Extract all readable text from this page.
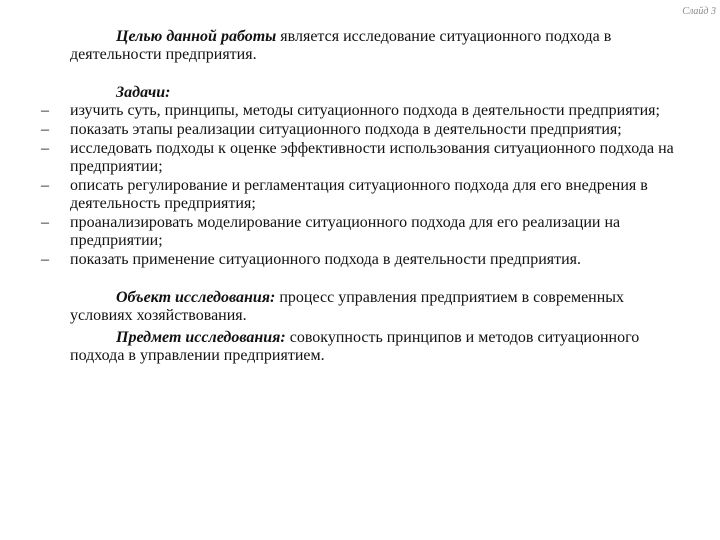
Слайд 3

Целью данной работы является исследование ситуационного подхода в деятельности предприятия.

Задачи:
– изучить суть, принципы, методы ситуационного подхода в деятельности предприятия;
– показать этапы реализации ситуационного подхода в деятельности предприятия;
– исследовать подходы к оценке эффективности использования ситуационного подхода на предприятии;
– описать регулирование и регламентация ситуационного подхода для его внедрения в деятельность предприятия;
– проанализировать моделирование ситуационного подхода для его реализации на предприятии;
– показать применение ситуационного подхода в деятельности предприятия.

Объект исследования: процесс управления предприятием в современных условиях хозяйствования.

Предмет исследования: совокупность принципов и методов ситуационного подхода в управлении предприятием.
